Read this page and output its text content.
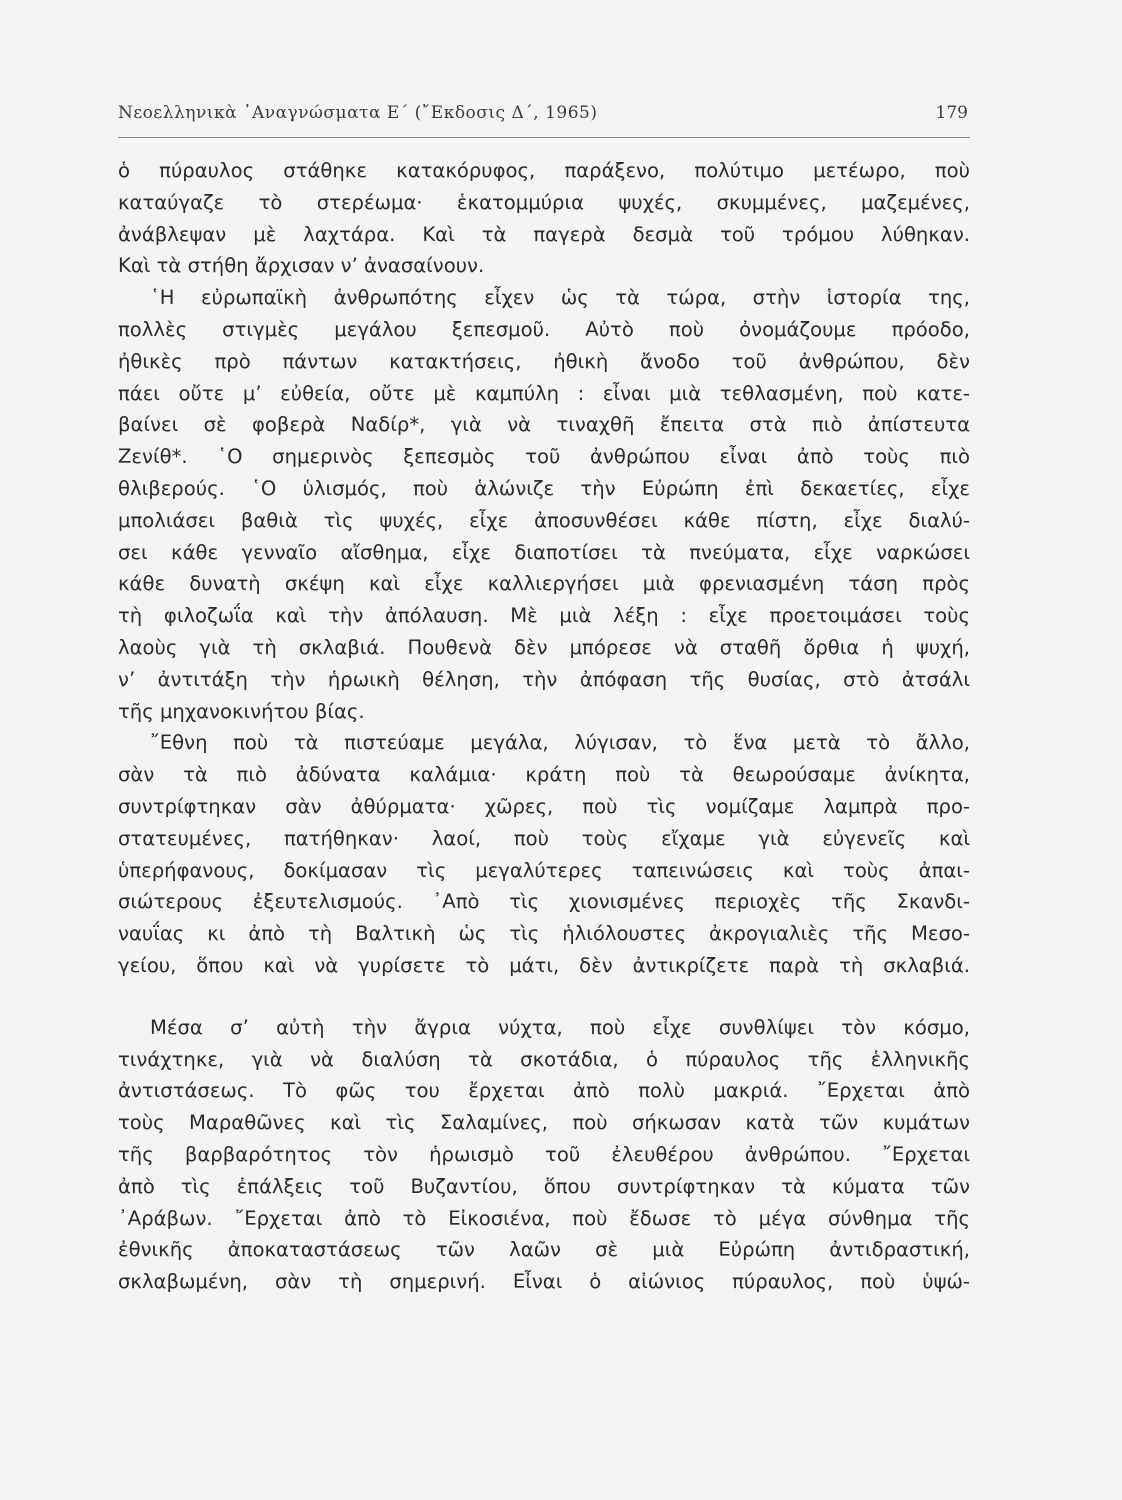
Νεοελληνικὰ ᾿Αναγνώσματα Ε΄ (῎Εκδοσις Δ΄, 1965)	179
ὁ πύραυλος στάθηκε κατακόρυφος, παράξενο, πολύτιμο μετέωρο, ποὺ
καταύγαζε τὸ στερέωμα· ἑκατομμύρια ψυχές, σκυμμένες, μαζεμένες,
ἀνάβλεψαν μὲ λαχτάρα. Καὶ τὰ παγερὰ δεσμὰ τοῦ τρόμου λύθηκαν.
Καὶ τὰ στήθη ἄρχισαν ν’ ἀνασαίνουν.
῾Η εὐρωπαϊκὴ ἀνθρωπότης εἶχεν ὡς τὰ τώρα, στὴν ἱστορία της,
πολλὲς στιγμὲς μεγάλου ξεπεσμοῦ. Αὐτὸ ποὺ ὀνομάζουμε πρόοδο,
ἠθικὲς πρὸ πάντων κατακτήσεις, ἠθικὴ ἄνοδο τοῦ ἀνθρώπου, δὲν
πάει οὔτε μ’ εὐθεία, οὔτε μὲ καμπύλη : εἶναι μιὰ τεθλασμένη, ποὺ κατε-
βαίνει σὲ φοβερὰ Ναδίρ*, γιὰ νὰ τιναχθῆ ἔπειτα στὰ πιὸ ἀπίστευτα
Ζενίθ*. ῾Ο σημερινὸς ξεπεσμὸς τοῦ ἀνθρώπου εἶναι ἀπὸ τοὺς πιὸ
θλιβερούς. ῾Ο ὑλισμός, ποὺ ἁλώνιζε τὴν Εὐρώπη ἐπὶ δεκαετίες, εἶχε
μπολιάσει βαθιὰ τὶς ψυχές, εἶχε ἀποσυνθέσει κάθε πίστη, εἶχε διαλύ-
σει κάθε γενναῖο αἴσθημα, εἶχε διαποτίσει τὰ πνεύματα, εἶχε ναρκώσει
κάθε δυνατὴ σκέψη καὶ εἶχε καλλιεργήσει μιὰ φρενιασμένη τάση πρὸς
τὴ φιλοζωΐα καὶ τὴν ἀπόλαυση. Μὲ μιὰ λέξη : εἶχε προετοιμάσει τοὺς
λαοὺς γιὰ τὴ σκλαβιά. Πουθενὰ δὲν μπόρεσε νὰ σταθῆ ὄρθια ἡ ψυχή,
ν’ ἀντιτάξη τὴν ἡρωικὴ θέληση, τὴν ἀπόφαση τῆς θυσίας, στὸ ἀτσάλι
τῆς μηχανοκινήτου βίας.
῎Εθνη ποὺ τὰ πιστεύαμε μεγάλα, λύγισαν, τὸ ἕνα μετὰ τὸ ἄλλο,
σὰν τὰ πιὸ ἀδύνατα καλάμια· κράτη ποὺ τὰ θεωρούσαμε ἀνίκητα,
συντρίφτηκαν σὰν ἀθύρματα· χῶρες, ποὺ τὶς νομίζαμε λαμπρὰ προ-
στατευμένες, πατήθηκαν· λαοί, ποὺ τοὺς εἴχαμε γιὰ εὐγενεῖς καὶ
ὑπερήφανους, δοκίμασαν τὶς μεγαλύτερες ταπεινώσεις καὶ τοὺς ἀπαι-
σιώτερους ἐξευτελισμούς. ᾿Απὸ τὶς χιονισμένες περιοχὲς τῆς Σκανδι-
ναυΐας κι ἀπὸ τὴ Βαλτικὴ ὡς τὶς ἡλιόλουστες ἀκρογιαλιὲς τῆς Μεσο-
γείου, ὅπου καὶ νὰ γυρίσετε τὸ μάτι, δὲν ἀντικρίζετε παρὰ τὴ σκλαβιά.
Μέσα σ’ αὐτὴ τὴν ἄγρια νύχτα, ποὺ εἶχε συνθλίψει τὸν κόσμο,
τινάχτηκε, γιὰ νὰ διαλύση τὰ σκοτάδια, ὁ πύραυλος τῆς ἑλληνικῆς
ἀντιστάσεως. Τὸ φῶς του ἔρχεται ἀπὸ πολὺ μακριά. ῎Ερχεται ἀπὸ
τοὺς Μαραθῶνες καὶ τὶς Σαλαμίνες, ποὺ σήκωσαν κατὰ τῶν κυμάτων
τῆς βαρβαρότητος τὸν ἡρωισμὸ τοῦ ἐλευθέρου ἀνθρώπου. ῎Ερχεται
ἀπὸ τὶς ἐπάλξεις τοῦ Βυζαντίου, ὅπου συντρίφτηκαν τὰ κύματα τῶν
᾿Αράβων. ῎Ερχεται ἀπὸ τὸ Εἰκοσιένα, ποὺ ἔδωσε τὸ μέγα σύνθημα τῆς
ἐθνικῆς ἀποκαταστάσεως τῶν λαῶν σὲ μιὰ Εὐρώπη ἀντιδραστική,
σκλαβωμένη, σὰν τὴ σημερινή. Εἶναι ὁ αἰώνιος πύραυλος, ποὺ ὑψώ-
